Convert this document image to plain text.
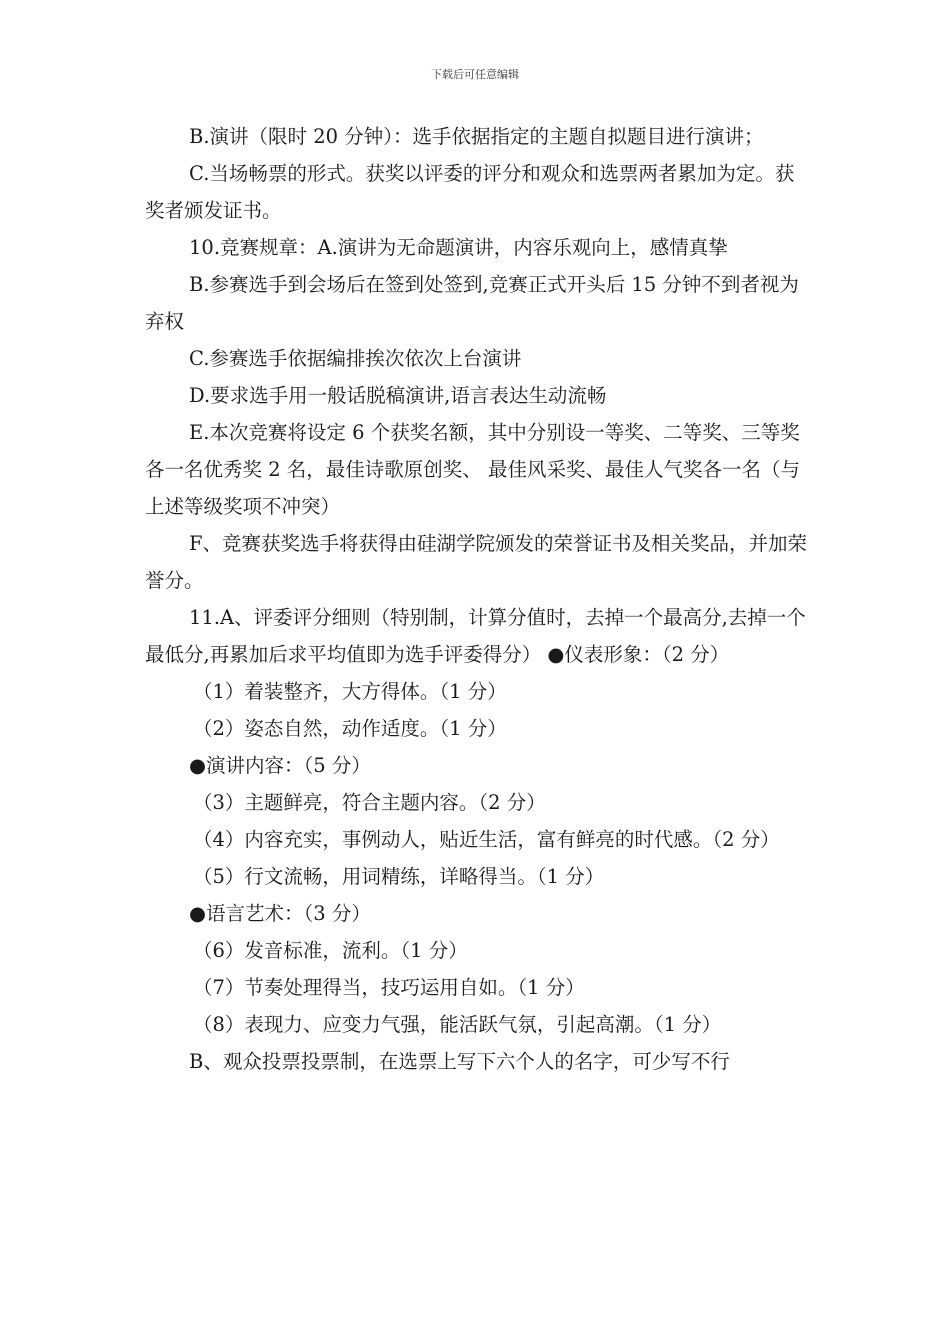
下载后可任意编辑

B.演讲（限时 20 分钟）：选手依据指定的主题自拟题目进行演讲；

C.当场畅票的形式。获奖以评委的评分和观众和选票两者累加为定。获奖者颁发证书。

10.竞赛规章：A.演讲为无命题演讲，内容乐观向上，感情真挚

B.参赛选手到会场后在签到处签到,竞赛正式开头后 15 分钟不到者视为弃权

C.参赛选手依据编排挨次依次上台演讲

D.要求选手用一般话脱稿演讲,语言表达生动流畅

E.本次竞赛将设定 6 个获奖名额，其中分别设一等奖、二等奖、三等奖各一名优秀奖 2 名，最佳诗歌原创奖、 最佳风采奖、最佳人气奖各一名（与上述等级奖项不冲突）

F、竞赛获奖选手将获得由硅湖学院颁发的荣誉证书及相关奖品，并加荣誉分。

11.A、评委评分细则（特别制，计算分值时，去掉一个最高分,去掉一个最低分,再累加后求平均值即为选手评委得分） ●仪表形象：（2 分）

（1）着装整齐，大方得体。（1 分）

（2）姿态自然，动作适度。（1 分）

●演讲内容：（5 分）

（3）主题鲜亮，符合主题内容。（2 分）

（4）内容充实，事例动人，贴近生活，富有鲜亮的时代感。（2 分）

（5）行文流畅，用词精练，详略得当。（1 分）

●语言艺术：（3 分）

（6）发音标准，流利。（1 分）

（7）节奏处理得当，技巧运用自如。（1 分）

（8）表现力、应变力气强，能活跃气氛，引起高潮。（1 分）

B、观众投票投票制，在选票上写下六个人的名字，可少写不行
